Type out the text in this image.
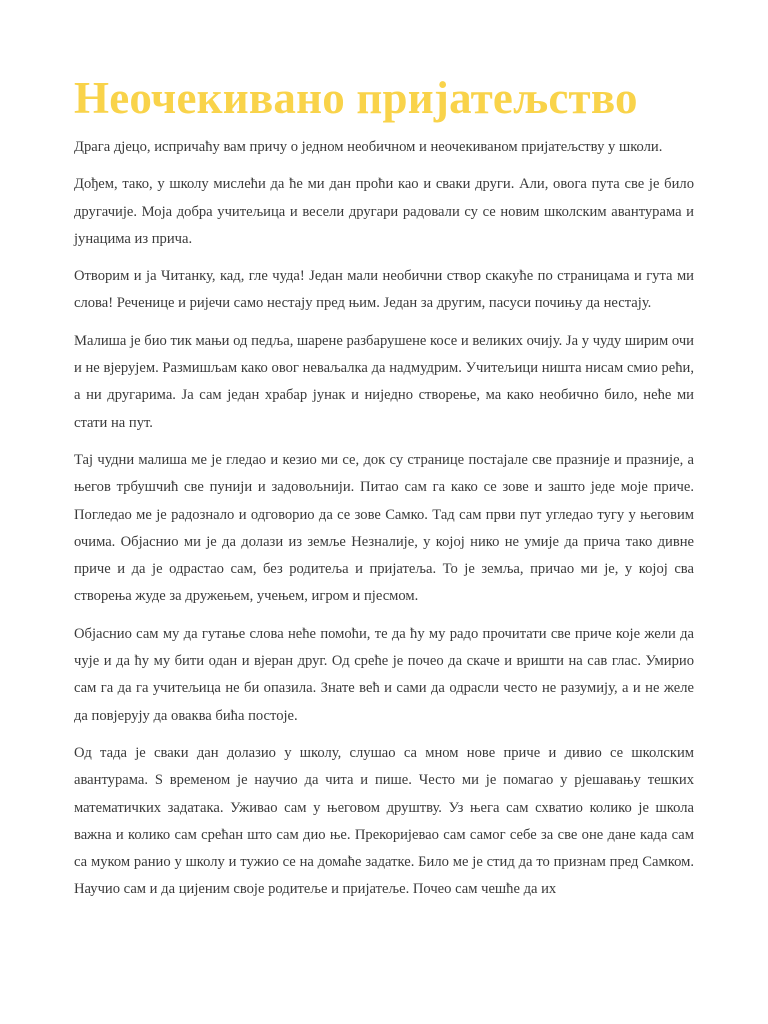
Неочекивано пријатељство

Драга дјецо, испричаћу вам причу о једном необичном и неочекиваном пријатељству у школи.

Дођем, тако, у школу мислећи да ће ми дан проћи као и сваки други. Али, овога пута све је било другачије. Моја добра учитељица и весели другари радовали су се новим школским авантурама и јунацима из прича.

Отворим и ја Читанку, кад, гле чуда! Један мали необични створ скакуће по страницама и гута ми слова! Реченице и ријечи само нестају пред њим. Један за другим, пасуси почињу да нестају.

Малиша је био тик мањи од педља, шарене разбарушене косе и великих очију. Ја у чуду ширим очи и не вјерујем. Размишљам како овог неваљалка да надмудрим. Учитељици ништа нисам смио рећи, а ни другарима. Ја сам један храбар јунак и ниједно створење, ма како необично било, неће ми стати на пут.

Тај чудни малиша ме је гледао и кезио ми се, док су странице постајале све празније и празније, а његов трбушчић све пунији и задовољнији. Питао сам га како се зове и зашто једе моје приче. Погледао ме је радознало и одговорио да се зове Самко. Тад сам први пут угледао тугу у његовим очима. Објаснио ми је да долази из земље Незналије, у којој нико не умије да прича тако дивне приче и да је одрастао сам, без родитеља и пријатеља. То је земља, причао ми је, у којој сва створења жуде за дружењем, учењем, игром и пјесмом.

Објаснио сам му да гутање слова неће помоћи, те да ћу му радо прочитати све приче које жели да чује и да ћу му бити одан и вјеран друг. Од среће је почео да скаче и вришти на сав глас. Умирио сам га да га учитељица не би опазила. Знате већ и сами да одрасли често не разумију, а и не желе да повјерују да оваква бића постоје.

Од тада је сваки дан долазио у школу, слушао са мном нове приче и дивио се школским авантурама. S временом је научио да чита и пише. Често ми је помагао у рјешавању тешких математичких задатака. Уживао сам у његовом друштву. Уз њега сам схватио колико је школа важна и колико сам срећан што сам дио ње. Прекоријевао сам самог себе за све оне дане када сам са муком ранио у школу и тужио се на домаће задатке. Било ме је стид да то признам пред Самком. Научио сам и да цијеним своје родитеље и пријатеље. Почео сам чешће да их
